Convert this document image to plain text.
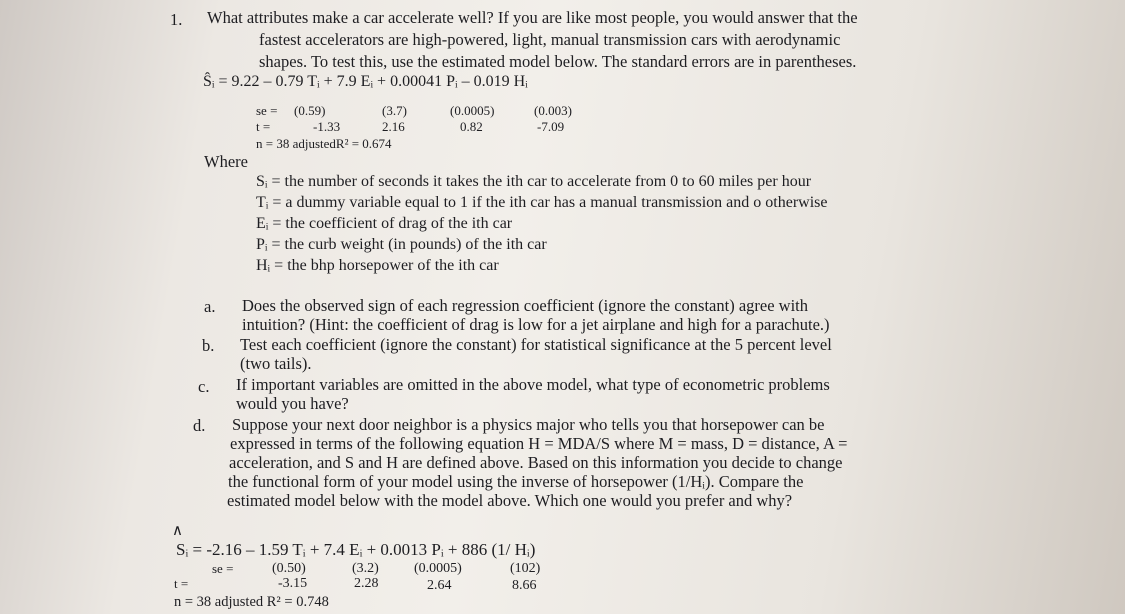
1. What attributes make a car accelerate well? If you are like most people, you would answer that the
fastest accelerators are high-powered, light, manual transmission cars with aerodynamic
shapes. To test this, use the estimated model below. The standard errors are in parentheses.
Ŝᵢ = 9.22 – 0.79 Tᵢ + 7.9 Eᵢ + 0.00041 Pᵢ – 0.019 Hᵢ
se = (0.59)	(3.7)	(0.0005)	(0.003)
t =	-1.33	2.16	0.82	-7.09
n = 38 adjustedR² = 0.674
Where
Sᵢ = the number of seconds it takes the ith car to accelerate from 0 to 60 miles per hour
Tᵢ = a dummy variable equal to 1 if the ith car has a manual transmission and o otherwise
Eᵢ = the coefficient of drag of the ith car
Pᵢ = the curb weight (in pounds) of the ith car
Hᵢ = the bhp horsepower of the ith car
a. Does the observed sign of each regression coefficient (ignore the constant) agree with
intuition? (Hint: the coefficient of drag is low for a jet airplane and high for a parachute.)
b. Test each coefficient (ignore the constant) for statistical significance at the 5 percent level
(two tails).
c. If important variables are omitted in the above model, what type of econometric problems
would you have?
d. Suppose your next door neighbor is a physics major who tells you that horsepower can be
expressed in terms of the following equation H = MDA/S where M = mass, D = distance, A =
acceleration, and S and H are defined above. Based on this information you decide to change
the functional form of your model using the inverse of horsepower (1/Hᵢ). Compare the
estimated model below with the model above. Which one would you prefer and why?
∧
Sᵢ = -2.16 – 1.59 Tᵢ + 7.4 Eᵢ + 0.0013 Pᵢ + 886 (1/ Hᵢ)
se =	(0.50)	(3.2)	(0.0005)	(102)
t =	-3.15	2.28	2.64	8.66
n = 38 adjusted R² = 0.748
